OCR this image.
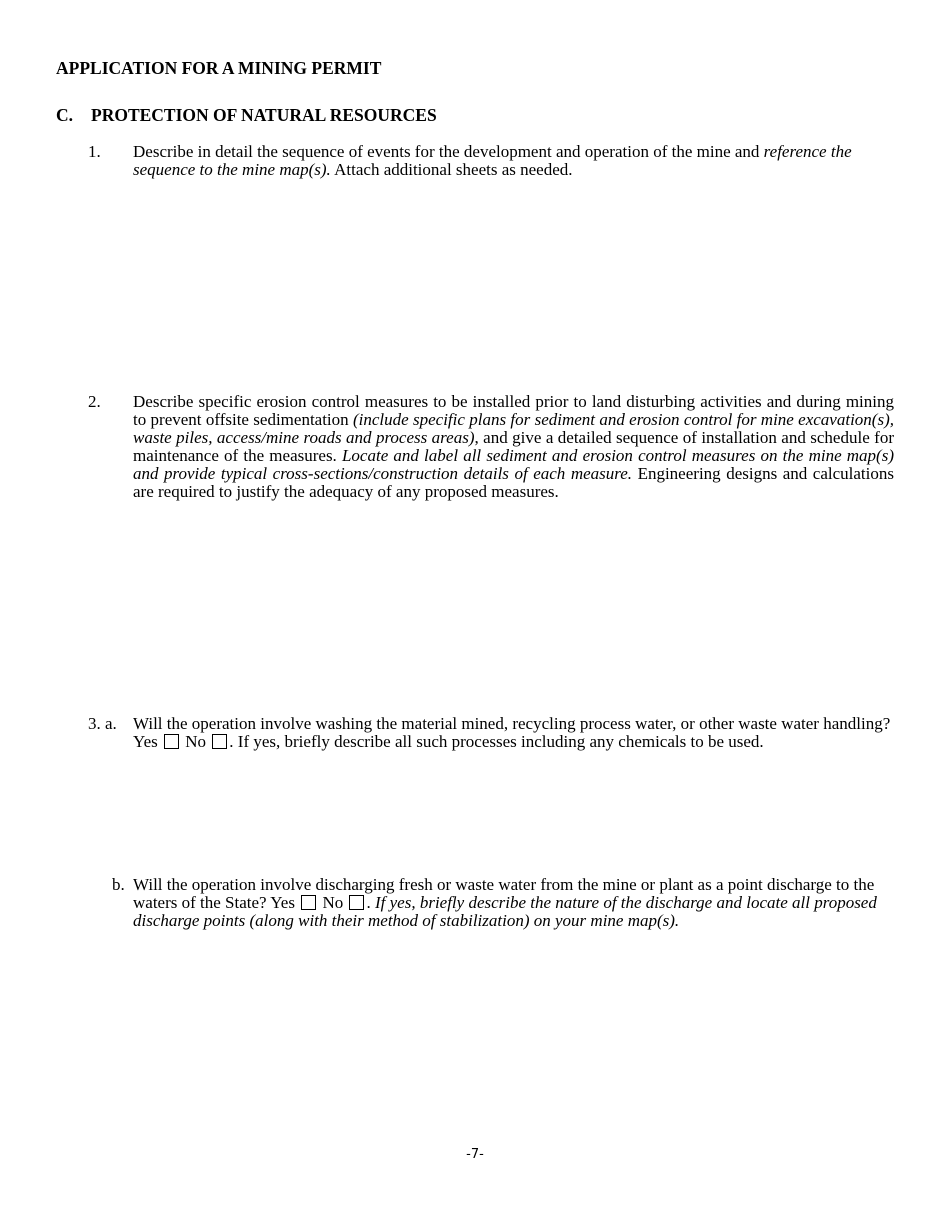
APPLICATION FOR A MINING PERMIT
C. PROTECTION OF NATURAL RESOURCES
1. Describe in detail the sequence of events for the development and operation of the mine and reference the sequence to the mine map(s). Attach additional sheets as needed.
2. Describe specific erosion control measures to be installed prior to land disturbing activities and during mining to prevent offsite sedimentation (include specific plans for sediment and erosion control for mine excavation(s), waste piles, access/mine roads and process areas), and give a detailed sequence of installation and schedule for maintenance of the measures. Locate and label all sediment and erosion control measures on the mine map(s) and provide typical cross-sections/construction details of each measure. Engineering designs and calculations are required to justify the adequacy of any proposed measures.
3. a. Will the operation involve washing the material mined, recycling process water, or other waste water handling? Yes  No . If yes, briefly describe all such processes including any chemicals to be used.
b. Will the operation involve discharging fresh or waste water from the mine or plant as a point discharge to the waters of the State? Yes  No . If yes, briefly describe the nature of the discharge and locate all proposed discharge points (along with their method of stabilization) on your mine map(s).
-7-
